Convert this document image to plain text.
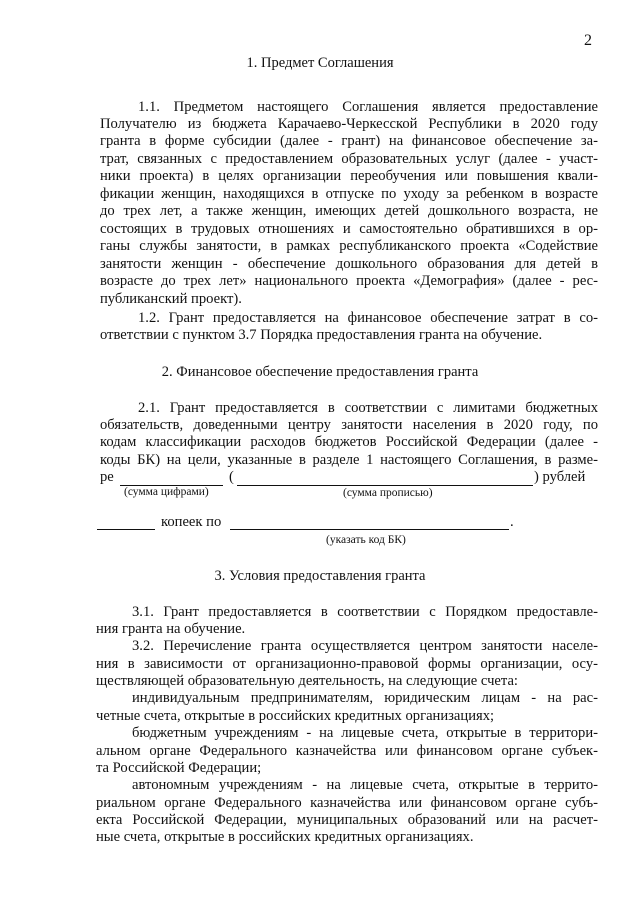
2
1. Предмет Соглашения
1.1. Предметом настоящего Соглашения является предоставление
Получателю из бюджета Карачаево-Черкесской Республики в 2020 году
гранта в форме субсидии (далее - грант) на финансовое обеспечение за-
трат, связанных с предоставлением образовательных услуг (далее - участ-
ники проекта) в целях организации переобучения или повышения квали-
фикации женщин, находящихся в отпуске по уходу за ребенком в возрасте
до трех лет, а также женщин, имеющих детей дошкольного возраста, не
состоящих в трудовых отношениях и самостоятельно обратившихся в ор-
ганы службы занятости, в рамках республиканского проекта «Содействие
занятости женщин - обеспечение дошкольного образования для детей в
возрасте до трех лет» национального проекта «Демография» (далее - рес-
публиканский проект).
1.2. Грант предоставляется на финансовое обеспечение затрат в со-
ответствии с пунктом 3.7 Порядка предоставления гранта на обучение.
2. Финансовое обеспечение предоставления гранта
2.1. Грант предоставляется в соответствии с лимитами бюджетных
обязательств, доведенными центру занятости населения в 2020 году, по
кодам классификации расходов бюджетов Российской Федерации (далее -
коды БК) на цели, указанные в разделе 1 настоящего Соглашения, в разме-
ре	(	) рублей
(сумма цифрами)	(сумма прописью)
копеек по	.
(указать код БК)
3. Условия предоставления гранта
3.1. Грант предоставляется в соответствии с Порядком предоставле-
ния гранта на обучение.
3.2. Перечисление гранта осуществляется центром занятости населе-
ния в зависимости от организационно-правовой формы организации, осу-
ществляющей образовательную деятельность, на следующие счета:
индивидуальным предпринимателям, юридическим лицам - на рас-
четные счета, открытые в российских кредитных организациях;
бюджетным учреждениям - на лицевые счета, открытые в территори-
альном органе Федерального казначейства или финансовом органе субъек-
та Российской Федерации;
автономным учреждениям - на лицевые счета, открытые в террито-
риальном органе Федерального казначейства или финансовом органе субъ-
екта Российской Федерации, муниципальных образований или на расчет-
ные счета, открытые в российских кредитных организациях.
